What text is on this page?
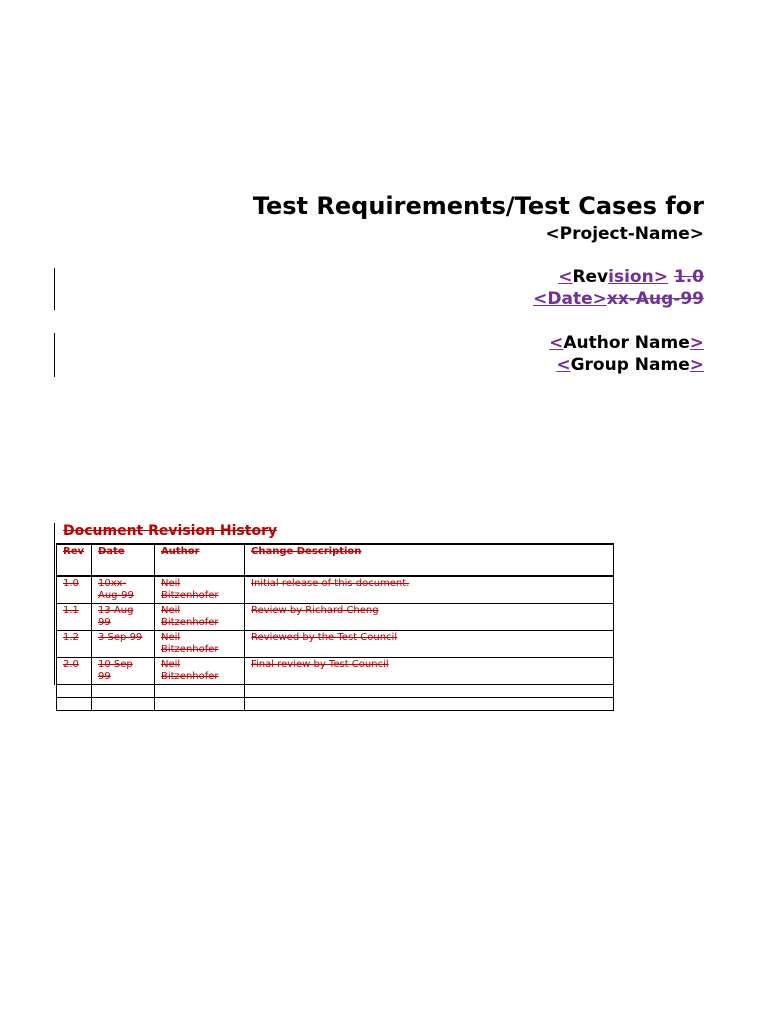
Test Requirements/Test Cases for
<Project-Name>
<Revision> 1.0
<Date>xx-Aug-99
<Author Name>
<Group Name>
Document Revision History
Rev	Date	Author	Change Description
1.0	10xx-Aug-99	Neil Bitzenhofer	Initial release of this document.
1.1	13 Aug 99	Neil Bitzenhofer	Review by Richard Cheng
1.2	3 Sep 99	Neil Bitzenhofer	Reviewed by the Test Council
2.0	10 Sep 99	Neil Bitzenhofer	Final review by Test Council
